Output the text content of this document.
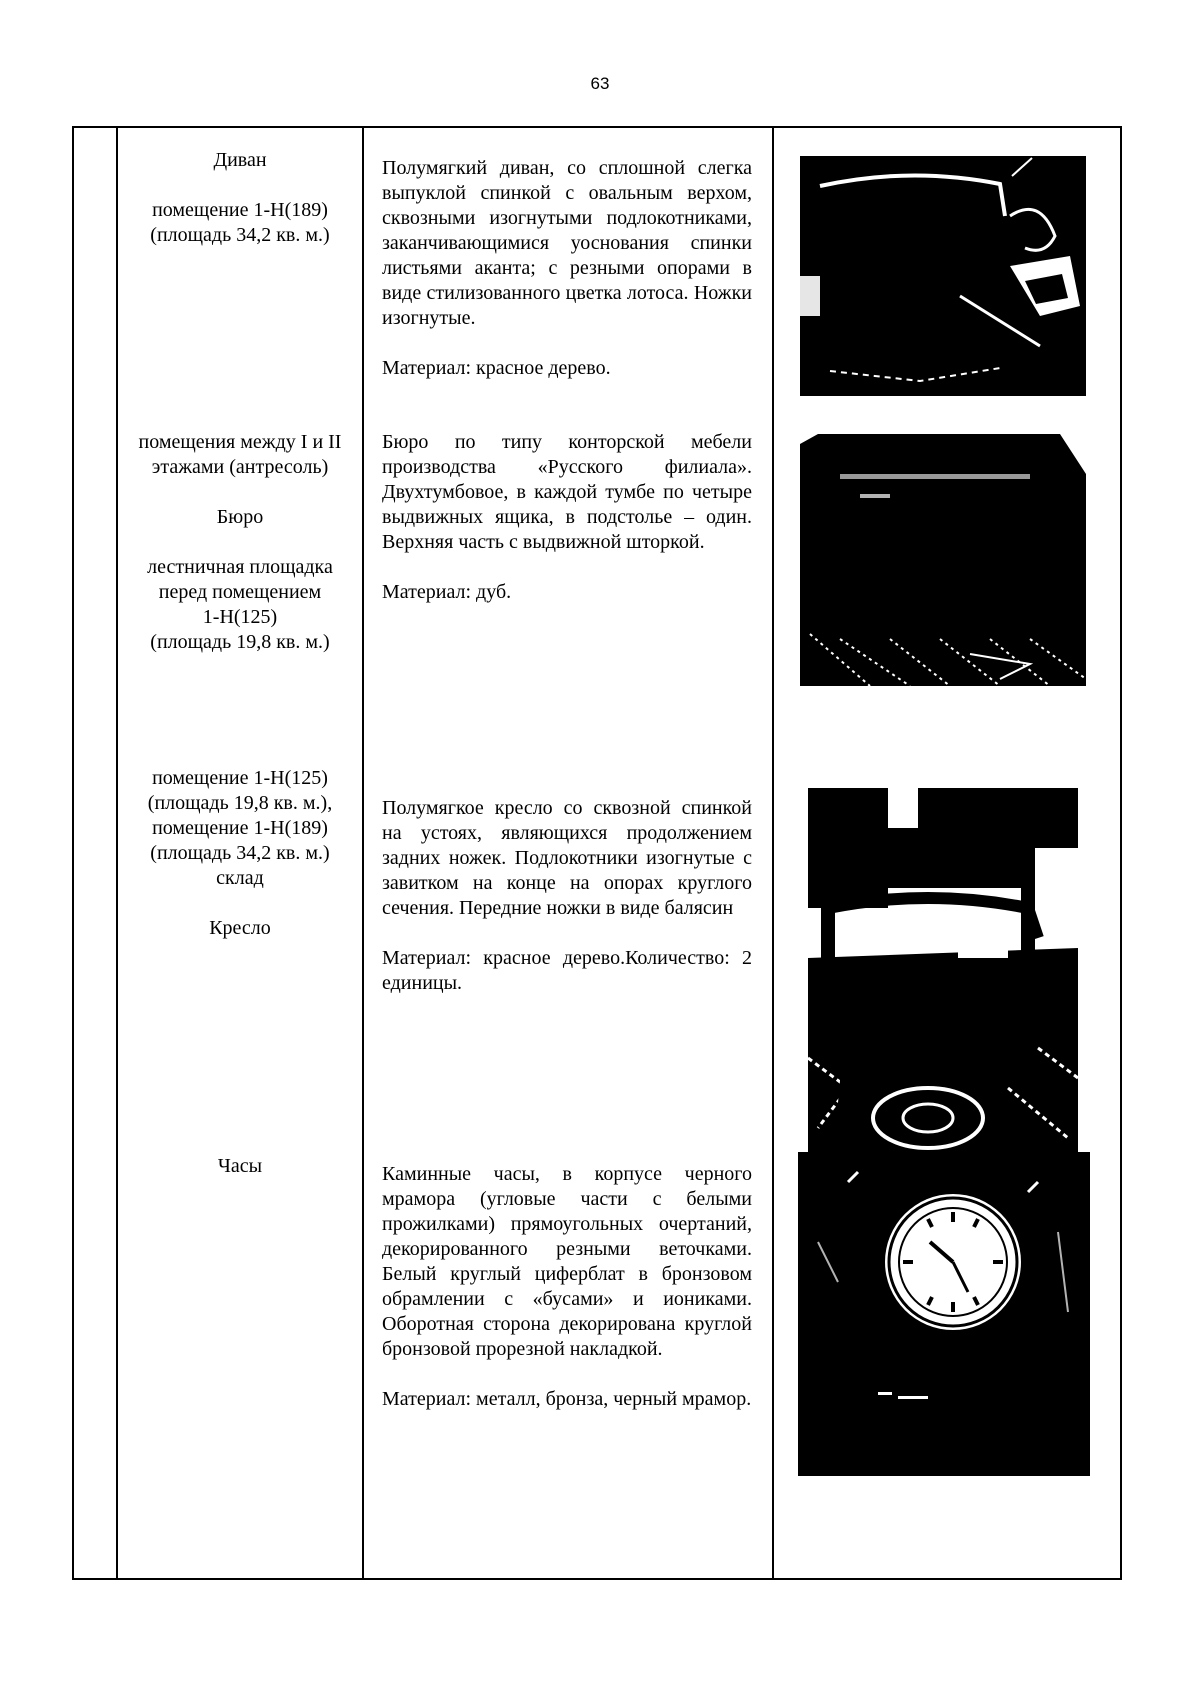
63

Диван

помещение 1-Н(189)
(площадь 34,2 кв. м.)

Полумягкий диван, со сплошной слегка выпуклой спинкой с овальным верхом, сквозными изогнутыми подлокотниками, заканчивающимися уоснования спинки листьями аканта; с резными опорами в виде стилизованного цветка лотоса. Ножки изогнутые.

Материал: красное дерево.

помещения между I и II
этажами (антресоль)

Бюро

лестничная площадка
перед помещением
1-Н(125)
(площадь 19,8 кв. м.)

Бюро по типу конторской мебели производства «Русского филиала». Двухтумбовое, в каждой тумбе по четыре выдвижных ящика, в подстолье – один. Верхняя часть с выдвижной шторкой.

Материал: дуб.

помещение 1-Н(125)
(площадь 19,8 кв. м.),
помещение 1-Н(189)
(площадь 34,2 кв. м.)
склад

Кресло

Полумягкое кресло со сквозной спинкой на устоях, являющихся продолжением задних ножек. Подлокотники изогнутые с завитком на конце на опорах круглого сечения. Передние ножки в виде балясин

Материал: красное дерево.Количество: 2 единицы.

Часы	Каминные часы, в корпусе черного мрамора (угловые части с белыми прожилками) прямоугольных очертаний, декорированного резными веточками. Белый круглый циферблат в бронзовом обрамлении с «бусами» и иониками. Оборотная сторона декорирована круглой бронзовой прорезной накладкой.

Материал: металл, бронза, черный мрамор.
